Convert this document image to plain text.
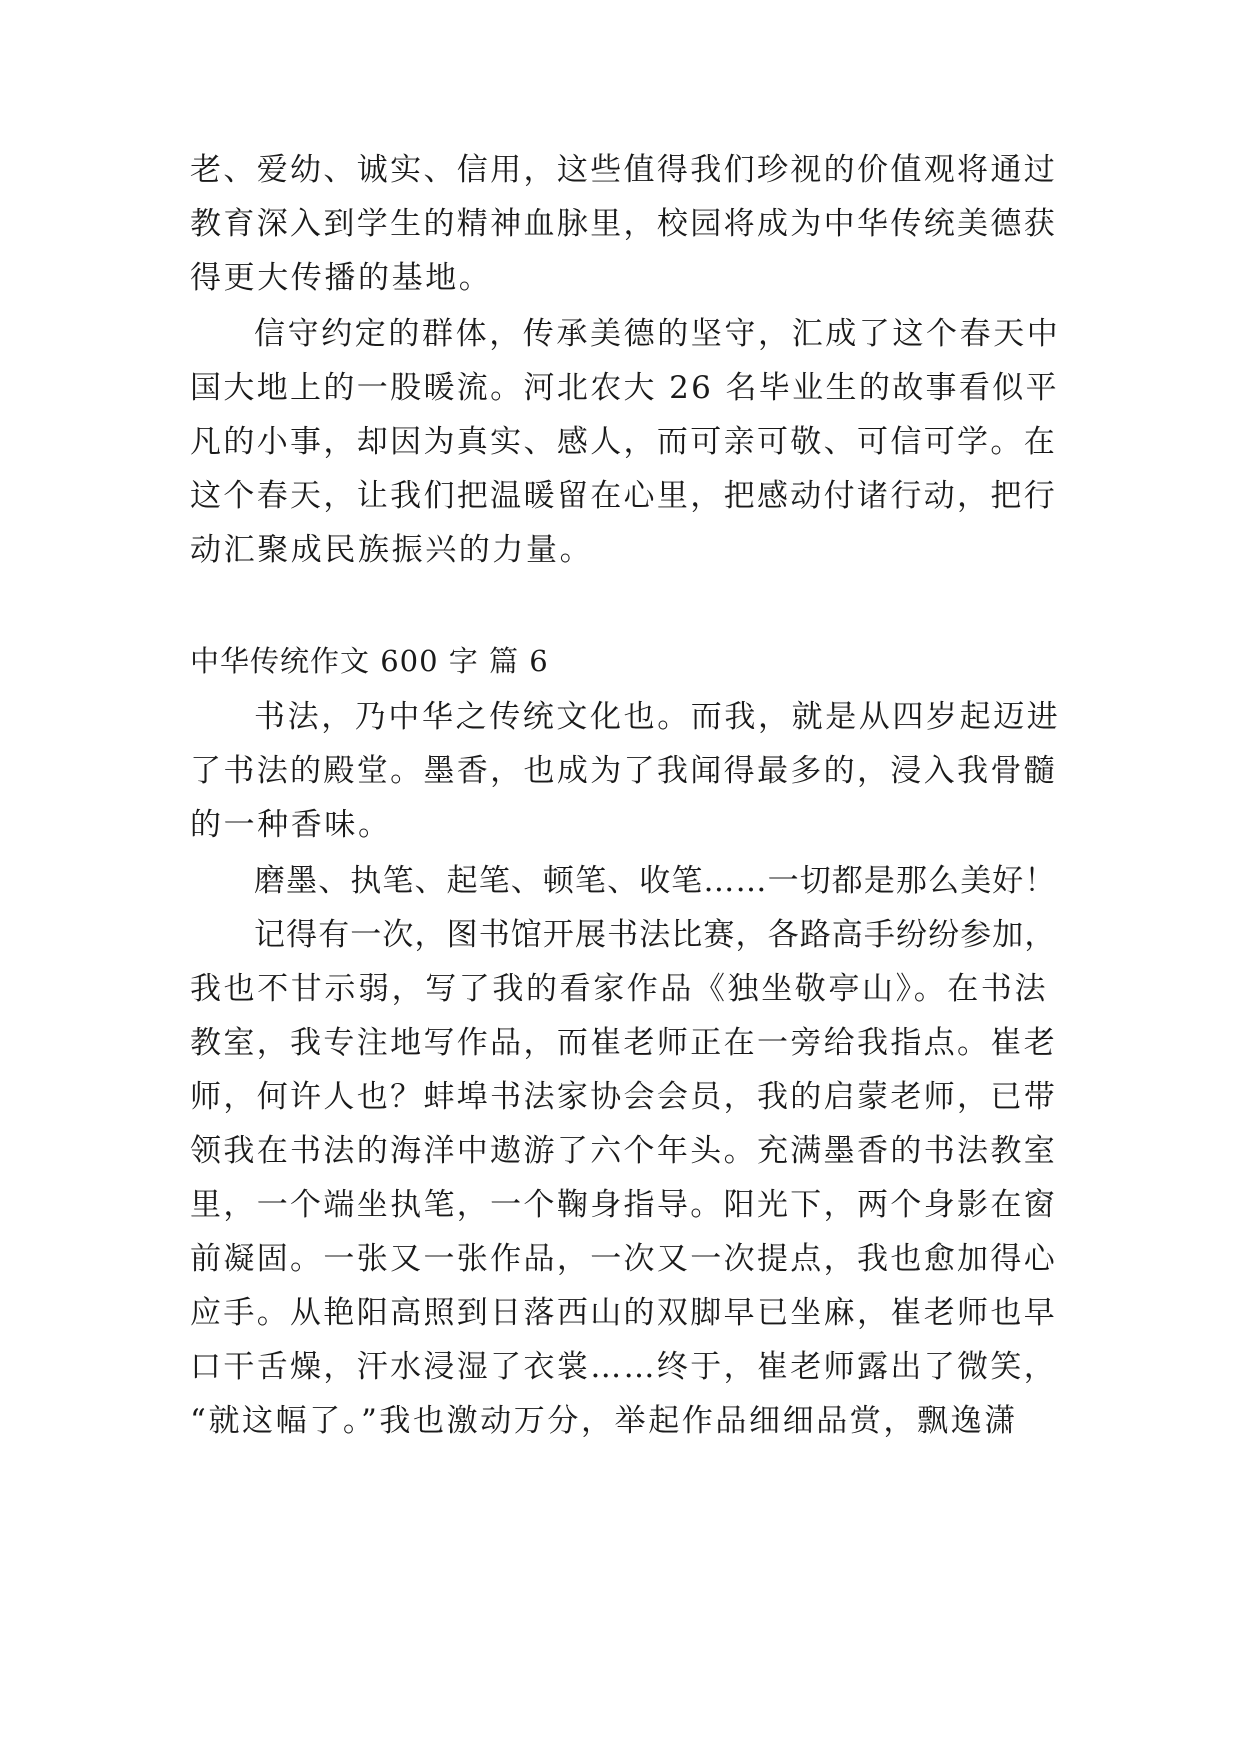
老、爱幼、诚实、信用，这些值得我们珍视的价值观将通过
教育深入到学生的精神血脉里，校园将成为中华传统美德获
得更大传播的基地。
信守约定的群体，传承美德的坚守，汇成了这个春天中
国大地上的一股暖流。河北农大 26 名毕业生的故事看似平
凡的小事，却因为真实、感人，而可亲可敬、可信可学。在
这个春天，让我们把温暖留在心里，把感动付诸行动，把行
动汇聚成民族振兴的力量。
中华传统作文 600 字 篇 6
书法，乃中华之传统文化也。而我，就是从四岁起迈进
了书法的殿堂。墨香，也成为了我闻得最多的，浸入我骨髓
的一种香味。
磨墨、执笔、起笔、顿笔、收笔……一切都是那么美好！
记得有一次，图书馆开展书法比赛，各路高手纷纷参加，
我也不甘示弱，写了我的看家作品《独坐敬亭山》。在书法
教室，我专注地写作品，而崔老师正在一旁给我指点。崔老
师，何许人也？蚌埠书法家协会会员，我的启蒙老师，已带
领我在书法的海洋中遨游了六个年头。充满墨香的书法教室
里，一个端坐执笔，一个鞠身指导。阳光下，两个身影在窗
前凝固。一张又一张作品，一次又一次提点，我也愈加得心
应手。从艳阳高照到日落西山的双脚早已坐麻，崔老师也早
口干舌燥，汗水浸湿了衣裳……终于，崔老师露出了微笑，
“就这幅了。”我也激动万分，举起作品细细品赏，飘逸潇
